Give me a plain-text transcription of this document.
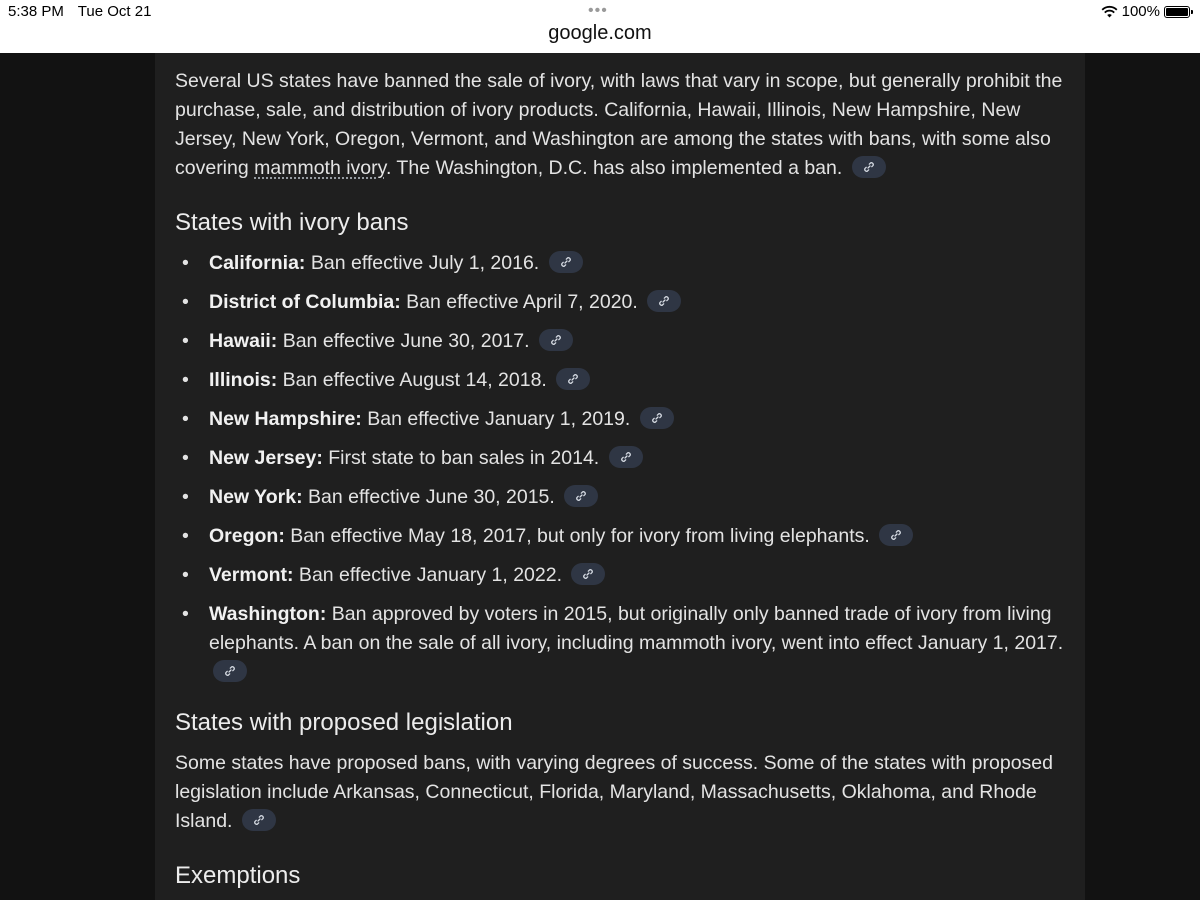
5:38 PM Tue Oct 21	•••	100%
google.com

Several US states have banned the sale of ivory, with laws that vary in scope, but generally prohibit the purchase, sale, and distribution of ivory products. California, Hawaii, Illinois, New Hampshire, New Jersey, New York, Oregon, Vermont, and Washington are among the states with bans, with some also covering mammoth ivory. The Washington, D.C. has also implemented a ban.

States with ivory bans
• California: Ban effective July 1, 2016.
• District of Columbia: Ban effective April 7, 2020.
• Hawaii: Ban effective June 30, 2017.
• Illinois: Ban effective August 14, 2018.
• New Hampshire: Ban effective January 1, 2019.
• New Jersey: First state to ban sales in 2014.
• New York: Ban effective June 30, 2015.
• Oregon: Ban effective May 18, 2017, but only for ivory from living elephants.
• Vermont: Ban effective January 1, 2022.
• Washington: Ban approved by voters in 2015, but originally only banned trade of ivory from living elephants. A ban on the sale of all ivory, including mammoth ivory, went into effect January 1, 2017.
States with proposed legislation

Some states have proposed bans, with varying degrees of success. Some of the states with proposed legislation include Arkansas, Connecticut, Florida, Maryland, Massachusetts, Oklahoma, and Rhode Island.

Exemptions
